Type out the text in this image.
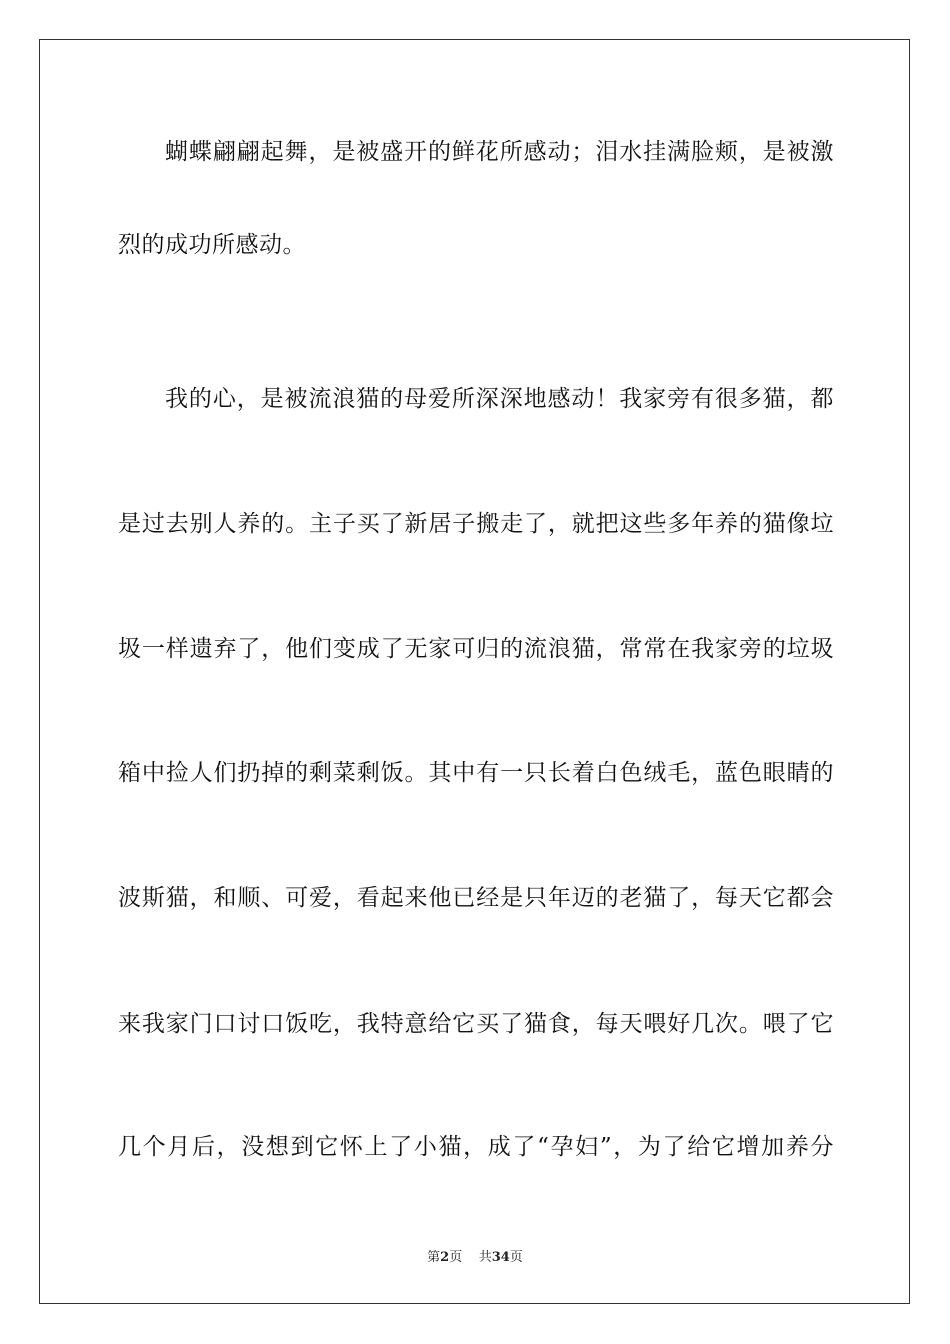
蝴蝶翩翩起舞，是被盛开的鲜花所感动；泪水挂满脸颊，是被激
烈的成功所感动。
我的心，是被流浪猫的母爱所深深地感动！我家旁有很多猫，都
是过去别人养的。主子买了新居子搬走了，就把这些多年养的猫像垃
圾一样遗弃了，他们变成了无家可归的流浪猫，常常在我家旁的垃圾
箱中捡人们扔掉的剩菜剩饭。其中有一只长着白色绒毛，蓝色眼睛的
波斯猫，和顺、可爱，看起来他已经是只年迈的老猫了，每天它都会
来我家门口讨口饭吃，我特意给它买了猫食，每天喂好几次。喂了它
几个月后，没想到它怀上了小猫，成了“孕妇”，为了给它增加养分
第2页 共34页
